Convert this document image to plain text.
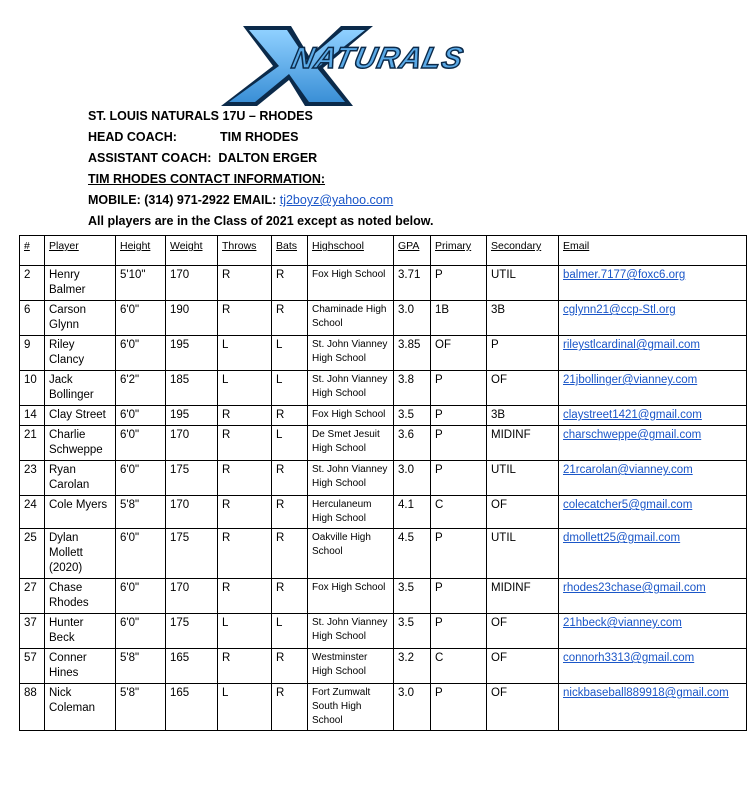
NATURALS
ST. LOUIS NATURALS 17U – RHODES
HEAD COACH:	TIM RHODES
ASSISTANT COACH: DALTON ERGER
TIM RHODES CONTACT INFORMATION:
MOBILE: (314) 971-2922 EMAIL: tj2boyz@yahoo.com
All players are in the Class of 2021 except as noted below.
#	Player	Height	Weight	Throws	Bats	Highschool	GPA	Primary	Secondary	Email
2	Henry Balmer	5'10"	170	R	R	Fox High School	3.71	P	UTIL	balmer.7177@foxc6.org
6	Carson Glynn	6'0"	190	R	R	Chaminade High School	3.0	1B	3B	cglynn21@ccp-Stl.org
9	Riley Clancy	6'0"	195	L	L	St. John Vianney High School	3.85	OF	P	rileystlcardinal@gmail.com
10	Jack Bollinger	6'2"	185	L	L	St. John Vianney High School	3.8	P	OF	21jbollinger@vianney.com
14	Clay Street	6'0"	195	R	R	Fox High School	3.5	P	3B	claystreet1421@gmail.com
21	Charlie Schweppe	6'0"	170	R	L	De Smet Jesuit High School	3.6	P	MIDINF	charschweppe@gmail.com
23	Ryan Carolan	6'0"	175	R	R	St. John Vianney High School	3.0	P	UTIL	21rcarolan@vianney.com
24	Cole Myers	5'8"	170	R	R	Herculaneum High School	4.1	C	OF	colecatcher5@gmail.com
25	Dylan Mollett (2020)	6'0"	175	R	R	Oakville High School	4.5	P	UTIL	dmollett25@gmail.com
27	Chase Rhodes	6'0"	170	R	R	Fox High School	3.5	P	MIDINF	rhodes23chase@gmail.com
37	Hunter Beck	6'0"	175	L	L	St. John Vianney High School	3.5	P	OF	21hbeck@vianney.com
57	Conner Hines	5'8"	165	R	R	Westminster High School	3.2	C	OF	connorh3313@gmail.com
88	Nick Coleman	5'8"	165	L	R	Fort Zumwalt South High School	3.0	P	OF	nickbaseball889918@gmail.com
